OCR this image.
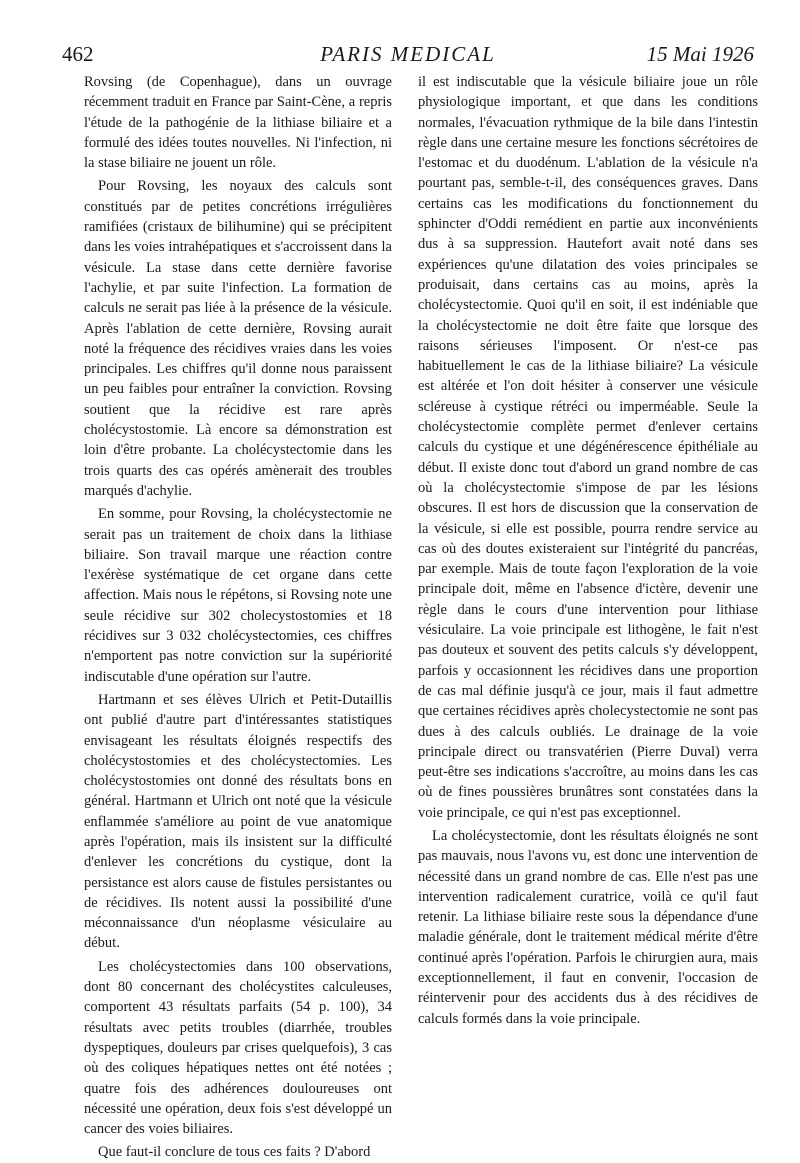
462	PARIS MEDICAL	15 Mai 1926

Rovsing (de Copenhague), dans un ouvrage récemment traduit en France par Saint-Cène, a repris l'étude de la pathogénie de la lithiase biliaire et a formulé des idées toutes nouvelles. Ni l'infection, ni la stase biliaire ne jouent un rôle.

Pour Rovsing, les noyaux des calculs sont constitués par de petites concrétions irrégulières ramifiées (cristaux de bilihumine) qui se précipitent dans les voies intrahépatiques et s'accroissent dans la vésicule. La stase dans cette dernière favorise l'achylie, et par suite l'infection. La formation de calculs ne serait pas liée à la présence de la vésicule. Après l'ablation de cette dernière, Rovsing aurait noté la fréquence des récidives vraies dans les voies principales. Les chiffres qu'il donne nous paraissent un peu faibles pour entraîner la conviction. Rovsing soutient que la récidive est rare après cholécystostomie. Là encore sa démonstration est loin d'être probante. La cholécystectomie dans les trois quarts des cas opérés amènerait des troubles marqués d'achylie.

En somme, pour Rovsing, la cholécystectomie ne serait pas un traitement de choix dans la lithiase biliaire. Son travail marque une réaction contre l'exérèse systématique de cet organe dans cette affection. Mais nous le répétons, si Rovsing note une seule récidive sur 302 cholecystostomies et 18 récidives sur 3 032 cholécystectomies, ces chiffres n'emportent pas notre conviction sur la supériorité indiscutable d'une opération sur l'autre.

Hartmann et ses élèves Ulrich et Petit-Dutaillis ont publié d'autre part d'intéressantes statistiques envisageant les résultats éloignés respectifs des cholécystostomies et des cholécystectomies. Les cholécystostomies ont donné des résultats bons en général. Hartmann et Ulrich ont noté que la vésicule enflammée s'améliore au point de vue anatomique après l'opération, mais ils insistent sur la difficulté d'enlever les concrétions du cystique, dont la persistance est alors cause de fistules persistantes ou de récidives. Ils notent aussi la possibilité d'une méconnaissance d'un néoplasme vésiculaire au début.

Les cholécystectomies dans 100 observations, dont 80 concernant des cholécystites calculeuses, comportent 43 résultats parfaits (54 p. 100), 34 résultats avec petits troubles (diarrhée, troubles dyspeptiques, douleurs par crises quelquefois), 3 cas où des coliques hépatiques nettes ont été notées ; quatre fois des adhérences douloureuses ont nécessité une opération, deux fois s'est développé un cancer des voies biliaires.

Que faut-il conclure de tous ces faits ? D'abord

il est indiscutable que la vésicule biliaire joue un rôle physiologique important, et que dans les conditions normales, l'évacuation rythmique de la bile dans l'intestin règle dans une certaine mesure les fonctions sécrétoires de l'estomac et du duodénum. L'ablation de la vésicule n'a pourtant pas, semble-t-il, des conséquences graves. Dans certains cas les modifications du fonctionnement du sphincter d'Oddi remédient en partie aux inconvénients dus à sa suppression. Hautefort avait noté dans ses expériences qu'une dilatation des voies principales se produisait, dans certains cas au moins, après la cholécystectomie. Quoi qu'il en soit, il est indéniable que la cholécystectomie ne doit être faite que lorsque des raisons sérieuses l'imposent. Or n'est-ce pas habituellement le cas de la lithiase biliaire? La vésicule est altérée et l'on doit hésiter à conserver une vésicule scléreuse à cystique rétréci ou imperméable. Seule la cholécystectomie complète permet d'enlever certains calculs du cystique et une dégénérescence épithéliale au début. Il existe donc tout d'abord un grand nombre de cas où la cholécystectomie s'impose de par les lésions obscures. Il est hors de discussion que la conservation de la vésicule, si elle est possible, pourra rendre service au cas où des doutes existeraient sur l'intégrité du pancréas, par exemple. Mais de toute façon l'exploration de la voie principale doit, même en l'absence d'ictère, devenir une règle dans le cours d'une intervention pour lithiase vésiculaire. La voie principale est lithogène, le fait n'est pas douteux et souvent des petits calculs s'y développent, parfois y occasionnent les récidives dans une proportion de cas mal définie jusqu'à ce jour, mais il faut admettre que certaines récidives après cholecystectomie ne sont pas dues à des calculs oubliés. Le drainage de la voie principale direct ou transvatérien (Pierre Duval) verra peut-être ses indications s'accroître, au moins dans les cas où de fines poussières brunâtres sont constatées dans la voie principale, ce qui n'est pas exceptionnel.

La cholécystectomie, dont les résultats éloignés ne sont pas mauvais, nous l'avons vu, est donc une intervention de nécessité dans un grand nombre de cas. Elle n'est pas une intervention radicalement curatrice, voilà ce qu'il faut retenir. La lithiase biliaire reste sous la dépendance d'une maladie générale, dont le traitement médical mérite d'être continué après l'opération. Parfois le chirurgien aura, mais exceptionnellement, il faut en convenir, l'occasion de réintervenir pour des accidents dus à des récidives de calculs formés dans la voie principale.
